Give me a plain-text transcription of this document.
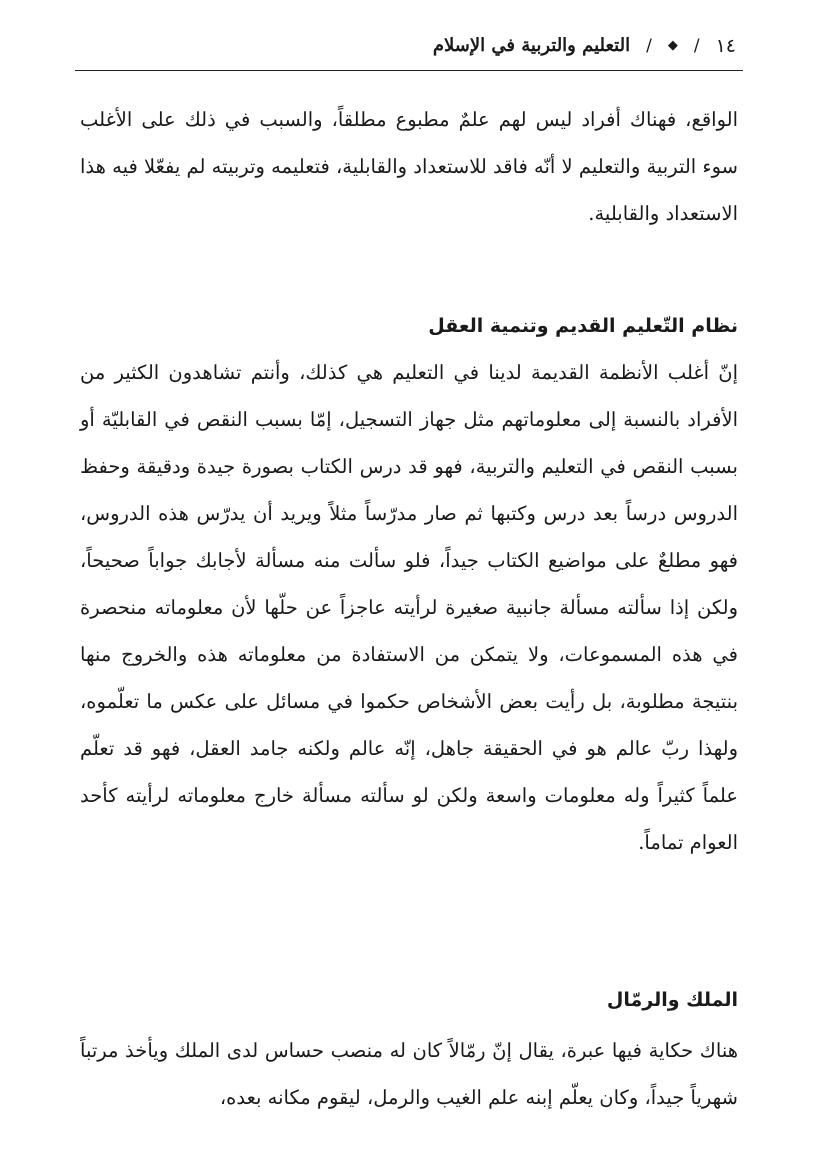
١٤
/
◆
/
التعليم والتربية في الإسلام

الواقع، فهناك أفراد ليس لهم علمٌ مطبوع مطلقاً، والسبب في ذلك على الأغلب سوء التربية والتعليم لا أنّه فاقد للاستعداد والقابلية، فتعليمه وتربيته لم يفعّلا فيه هذا الاستعداد والقابلية.

نظام التّعليم القديم وتنمية العقل

إنّ أغلب الأنظمة القديمة لدينا في التعليم هي كذلك، وأنتم تشاهدون الكثير من الأفراد بالنسبة إلى معلوماتهم مثل جهاز التسجيل، إمّا بسبب النقص في القابليّة أو بسبب النقص في التعليم والتربية، فهو قد درس الكتاب بصورة جيدة ودقيقة وحفظ الدروس درساً بعد درس وكتبها ثم صار مدرّساً مثلاً ويريد أن يدرّس هذه الدروس، فهو مطلعٌ على مواضيع الكتاب جيداً، فلو سألت منه مسألة لأجابك جواباً صحيحاً، ولكن إذا سألته مسألة جانبية صغيرة لرأيته عاجزاً عن حلّها لأن معلوماته منحصرة في هذه المسموعات، ولا يتمكن من الاستفادة من معلوماته هذه والخروج منها بنتيجة مطلوبة، بل رأيت بعض الأشخاص حكموا في مسائل على عكس ما تعلّموه، ولهذا ربّ عالم هو في الحقيقة جاهل، إنّه عالم ولكنه جامد العقل، فهو قد تعلّم علماً كثيراً وله معلومات واسعة ولكن لو سألته مسألة خارج معلوماته لرأيته كأحد العوام تماماً.

الملك والرمّال

هناك حكاية فيها عبرة، يقال إنّ رمّالاً كان له منصب حساس لدى الملك ويأخذ مرتباً شهرياً جيداً، وكان يعلّم إبنه علم الغيب والرمل، ليقوم مكانه بعده،
